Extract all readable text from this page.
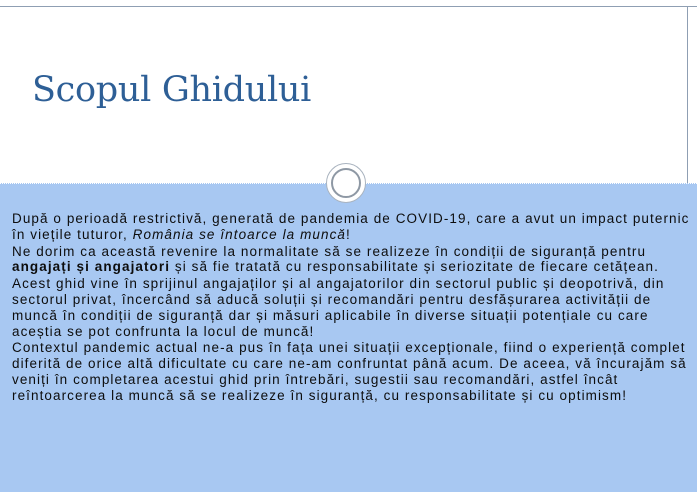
Scopul Ghidului

După o perioadă restrictivă, generată de pandemia de COVID-19, care a avut un impact puternic în viețile tuturor, România se întoarce la muncă!

Ne dorim ca această revenire la normalitate să se realizeze în condiții de siguranță pentru angajați și angajatori și să fie tratată cu responsabilitate și seriozitate de fiecare cetățean.

Acest ghid vine în sprijinul angajaților și al angajatorilor din sectorul public și deopotrivă, din sectorul privat, încercând să aducă soluții și recomandări pentru desfășurarea activității de muncă în condiții de siguranță dar și măsuri aplicabile în diverse situații potențiale cu care aceștia se pot confrunta la locul de muncă!

Contextul pandemic actual ne-a pus în fața unei situații excepționale, fiind o experiență complet diferită de orice altă dificultate cu care ne-am confruntat până acum. De aceea, vă încurajăm să veniți în completarea acestui ghid prin întrebări, sugestii sau recomandări, astfel încât reîntoarcerea la muncă să se realizeze în siguranță, cu responsabilitate și cu optimism!
